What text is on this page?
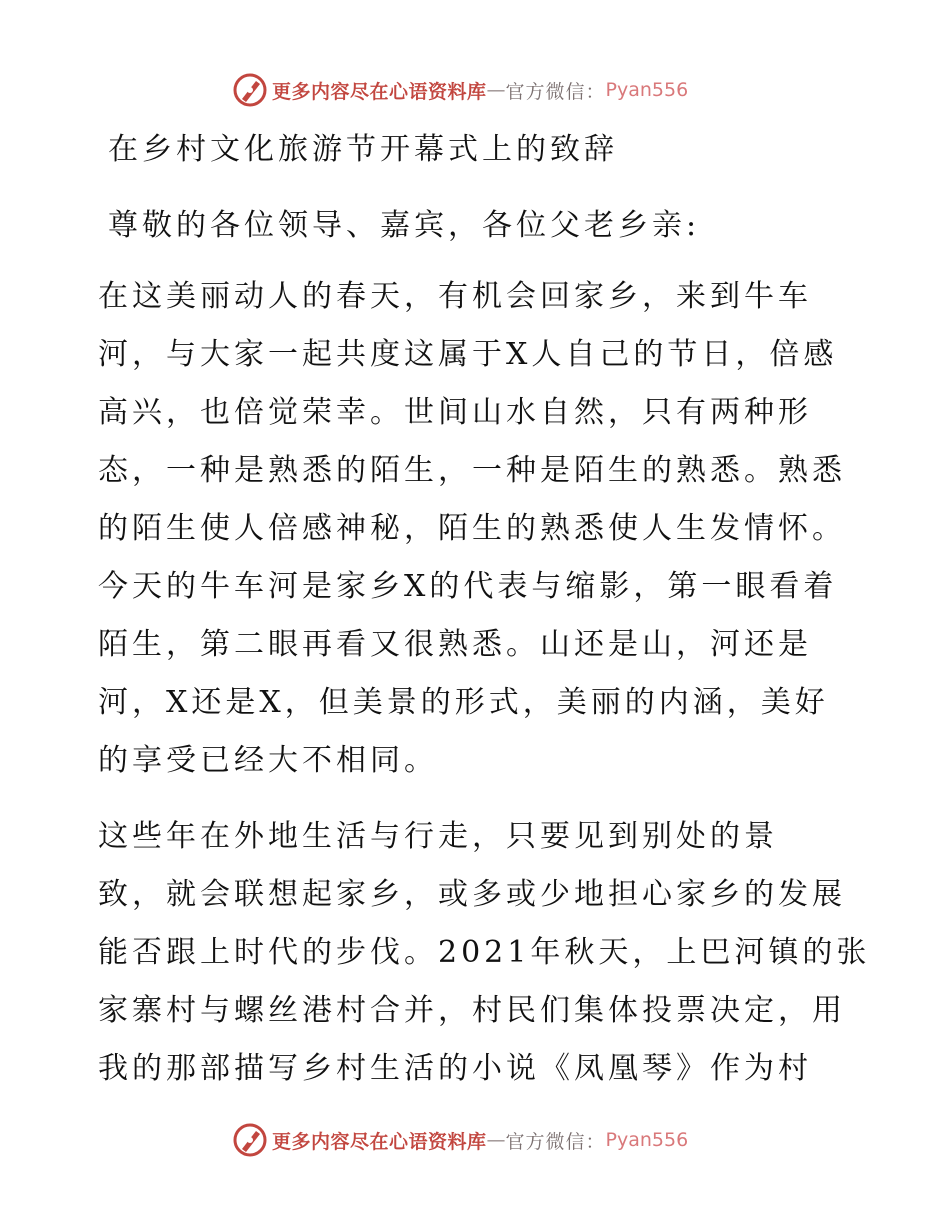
更多内容尽在心语资料库 — 官方微信： Pyan556
在乡村文化旅游节开幕式上的致辞
尊敬的各位领导、嘉宾，各位父老乡亲:
在这美丽动人的春天，有机会回家乡，来到牛车
河，与大家一起共度这属于X人自己的节日，倍感
高兴，也倍觉荣幸。世间山水自然，只有两种形
态，一种是熟悉的陌生，一种是陌生的熟悉。熟悉
的陌生使人倍感神秘，陌生的熟悉使人生发情怀。
今天的牛车河是家乡X的代表与缩影，第一眼看着
陌生，第二眼再看又很熟悉。山还是山，河还是
河，X还是X，但美景的形式，美丽的内涵，美好
的享受已经大不相同。
这些年在外地生活与行走，只要见到别处的景
致，就会联想起家乡，或多或少地担心家乡的发展
能否跟上时代的步伐。2021年秋天，上巴河镇的张
家寨村与螺丝港村合并，村民们集体投票决定，用
我的那部描写乡村生活的小说《凤凰琴》作为村
更多内容尽在心语资料库 — 官方微信： Pyan556
